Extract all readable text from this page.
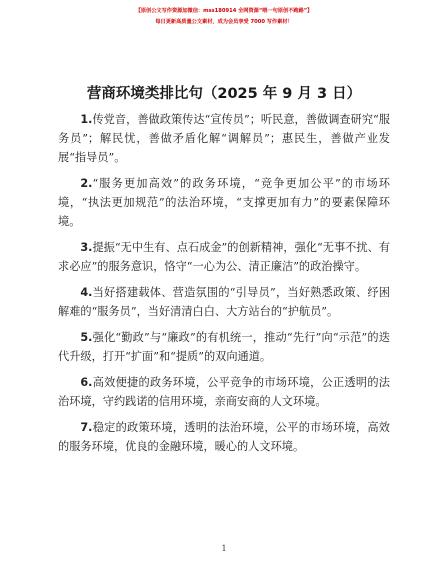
【原创公文写作资源加微信：mss180914 全网资源“喂一句原创不跑路”】
每日更新高质量公文素材，成为会员享受 7000 写作素材！
营商环境类排比句（2025 年 9 月 3 日）

1.传党音，善做政策传达“宣传员”；听民意，善做调查研究“服务员”；解民忧，善做矛盾化解“调解员”；惠民生，善做产业发展“指导员”。

2.“服务更加高效”的政务环境，“竞争更加公平”的市场环境，“执法更加规范”的法治环境，“支撑更加有力”的要素保障环境。

3.提振“无中生有、点石成金”的创新精神，强化“无事不扰、有求必应”的服务意识，恪守“一心为公、清正廉洁”的政治操守。

4.当好搭建载体、营造氛围的“引导员”，当好熟悉政策、纾困解难的“服务员”，当好清清白白、大方站台的“护航员”。

5.强化“勤政”与“廉政”的有机统一，推动“先行”向“示范”的迭代升级，打开“扩面”和“提质”的双向通道。

6.高效便捷的政务环境，公平竞争的市场环境，公正透明的法治环境，守约践诺的信用环境，亲商安商的人文环境。

7.稳定的政策环境，透明的法治环境，公平的市场环境，高效的服务环境，优良的金融环境，暖心的人文环境。

1
